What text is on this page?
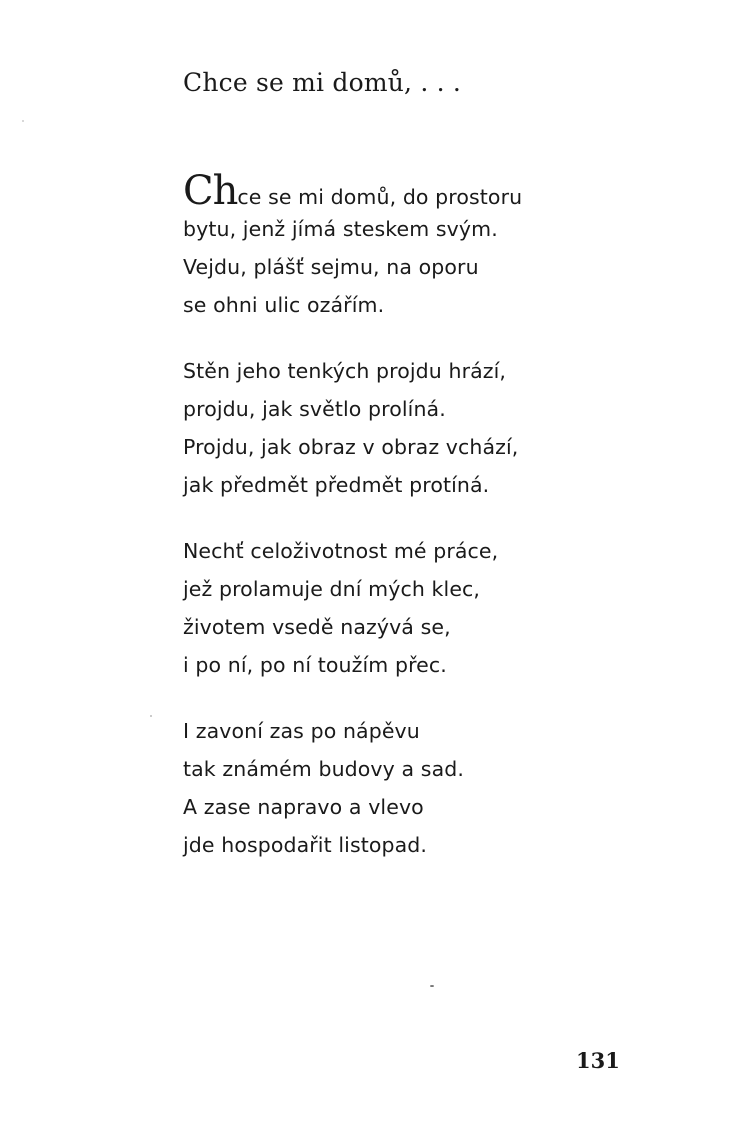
Chce se mi domů, . . .
Chce se mi domů, do prostoru
bytu, jenž jímá steskem svým.
Vejdu, plášť sejmu, na oporu
se ohni ulic ozářím.
Stěn jeho tenkých projdu hrází,
projdu, jak světlo prolíná.
Projdu, jak obraz v obraz vchází,
jak předmět předmět protíná.
Nechť celoživotnost mé práce,
jež prolamuje dní mých klec,
životem vsedě nazývá se,
i po ní, po ní toužím přec.
I zavoní zas po nápěvu
tak známém budovy a sad.
A zase napravo a vlevo
jde hospodařit listopad.
131
